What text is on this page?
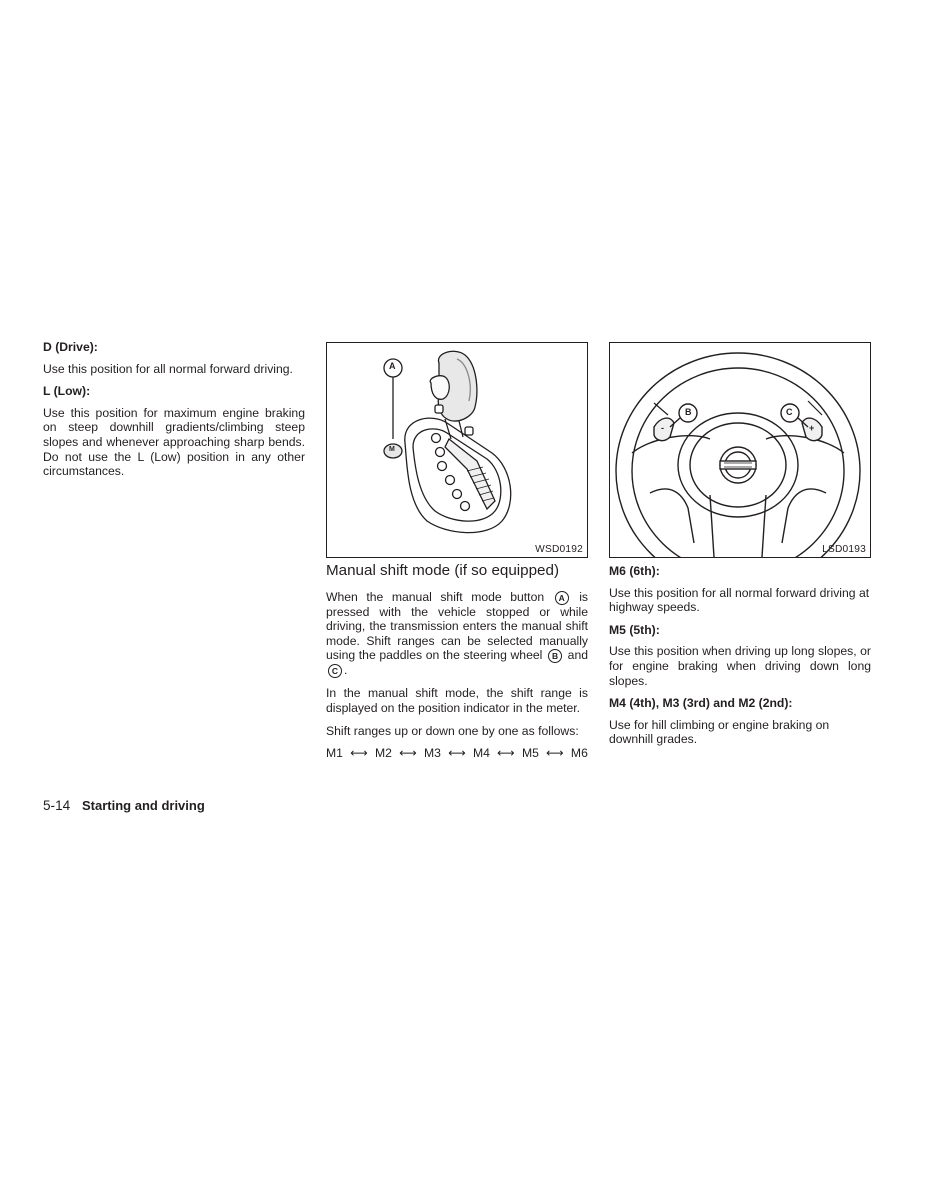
D (Drive):

Use this position for all normal forward driving.

L (Low):

Use this position for maximum engine braking on steep downhill gradients/climbing steep slopes and whenever approaching sharp bends. Do not use the L (Low) position in any other circumstances.

A
M
WSD0192
B	C
-	+
LSD0193
Manual shift mode (if so equipped)

When the manual shift mode button A is pressed with the vehicle stopped or while driving, the transmission enters the manual shift mode. Shift ranges can be selected manually using the paddles on the steering wheel B and C .

In the manual shift mode, the shift range is displayed on the position indicator in the meter.

Shift ranges up or down one by one as follows:

M1 ⟷ M2 ⟷ M3 ⟷ M4 ⟷ M5 ⟷ M6
M6 (6th):

Use this position for all normal forward driving at highway speeds.

M5 (5th):

Use this position when driving up long slopes, or for engine braking when driving down long slopes.

M4 (4th), M3 (3rd) and M2 (2nd):

Use for hill climbing or engine braking on downhill grades.

5-14 Starting and driving
